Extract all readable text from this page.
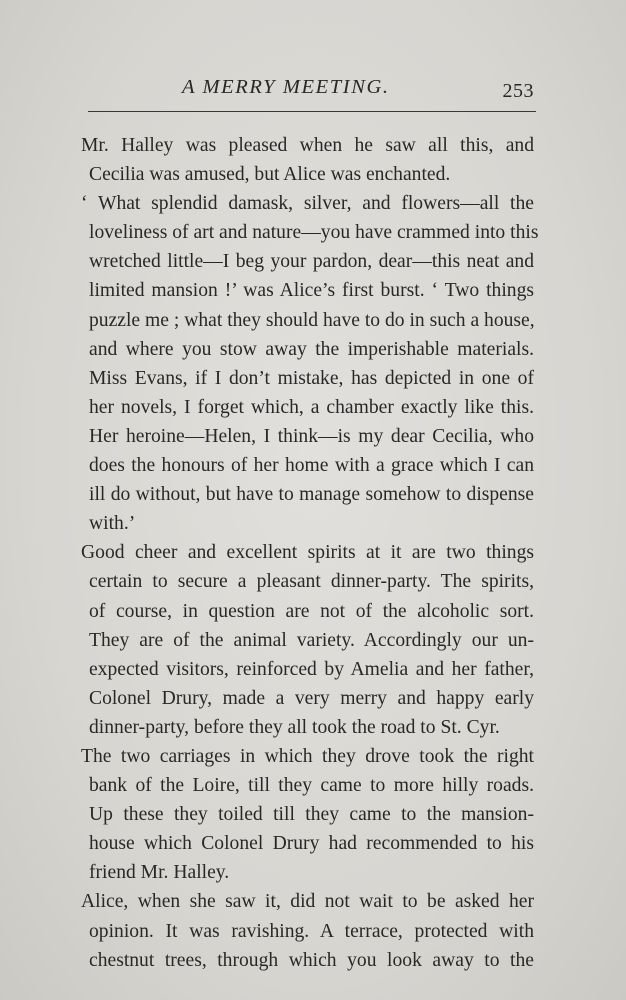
A MERRY MEETING.	253
Mr. Halley was pleased when he saw all this, and
Cecilia was amused, but Alice was enchanted.
‘ What splendid damask, silver, and flowers—all the
loveliness of art and nature—you have crammed into this
wretched little—I beg your pardon, dear—this neat and
limited mansion !’ was Alice’s first burst. ‘ Two things
puzzle me ; what they should have to do in such a house,
and where you stow away the imperishable materials.
Miss Evans, if I don’t mistake, has depicted in one of
her novels, I forget which, a chamber exactly like this.
Her heroine—Helen, I think—is my dear Cecilia, who
does the honours of her home with a grace which I can
ill do without, but have to manage somehow to dispense
with.’
Good cheer and excellent spirits at it are two things
certain to secure a pleasant dinner-party. The spirits,
of course, in question are not of the alcoholic sort.
They are of the animal variety. Accordingly our un-
expected visitors, reinforced by Amelia and her father,
Colonel Drury, made a very merry and happy early
dinner-party, before they all took the road to St. Cyr.
The two carriages in which they drove took the right
bank of the Loire, till they came to more hilly roads.
Up these they toiled till they came to the mansion-
house which Colonel Drury had recommended to his
friend Mr. Halley.
Alice, when she saw it, did not wait to be asked her
opinion. It was ravishing. A terrace, protected with
chestnut trees, through which you look away to the
